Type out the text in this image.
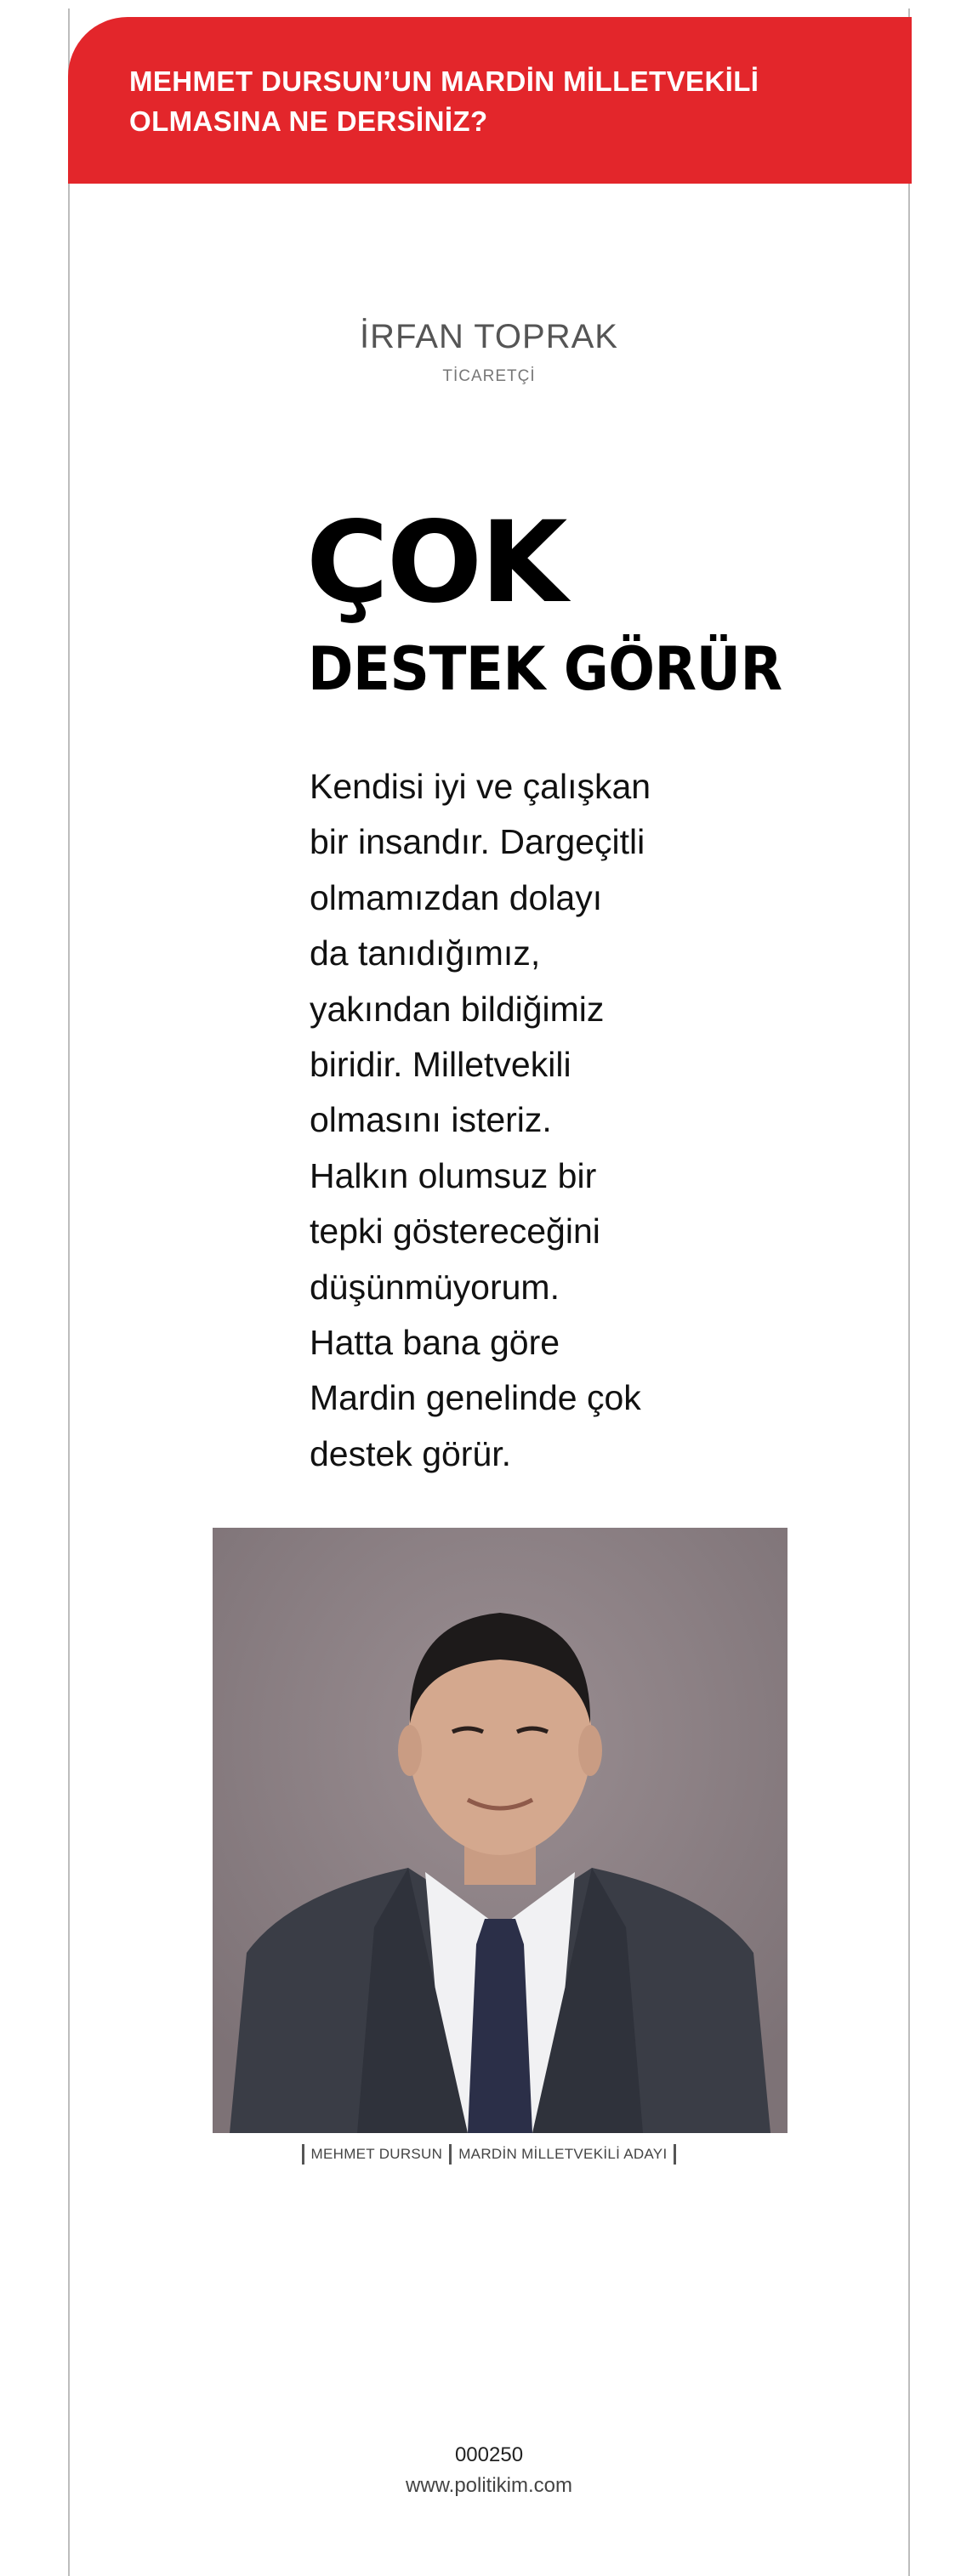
MEHMET DURSUN’UN MARDİN MİLLETVEKİLİ OLMASINA NE DERSİNİZ?
İRFAN TOPRAK
TİCARETÇİ
ÇOK
DESTEK GÖRÜR

Kendisi iyi ve çalışkan
bir insandır. Dargeçitli
olmamızdan dolayı
da tanıdığımız,
yakından bildiğimiz
biridir. Milletvekili
olmasını isteriz.
Halkın olumsuz bir
tepki göstereceğini
düşünmüyorum.
Hatta bana göre
Mardin genelinde çok
destek görür.

MEHMET DURSUN MARDİN MİLLETVEKİLİ ADAYI
000250
www.politikim.com
